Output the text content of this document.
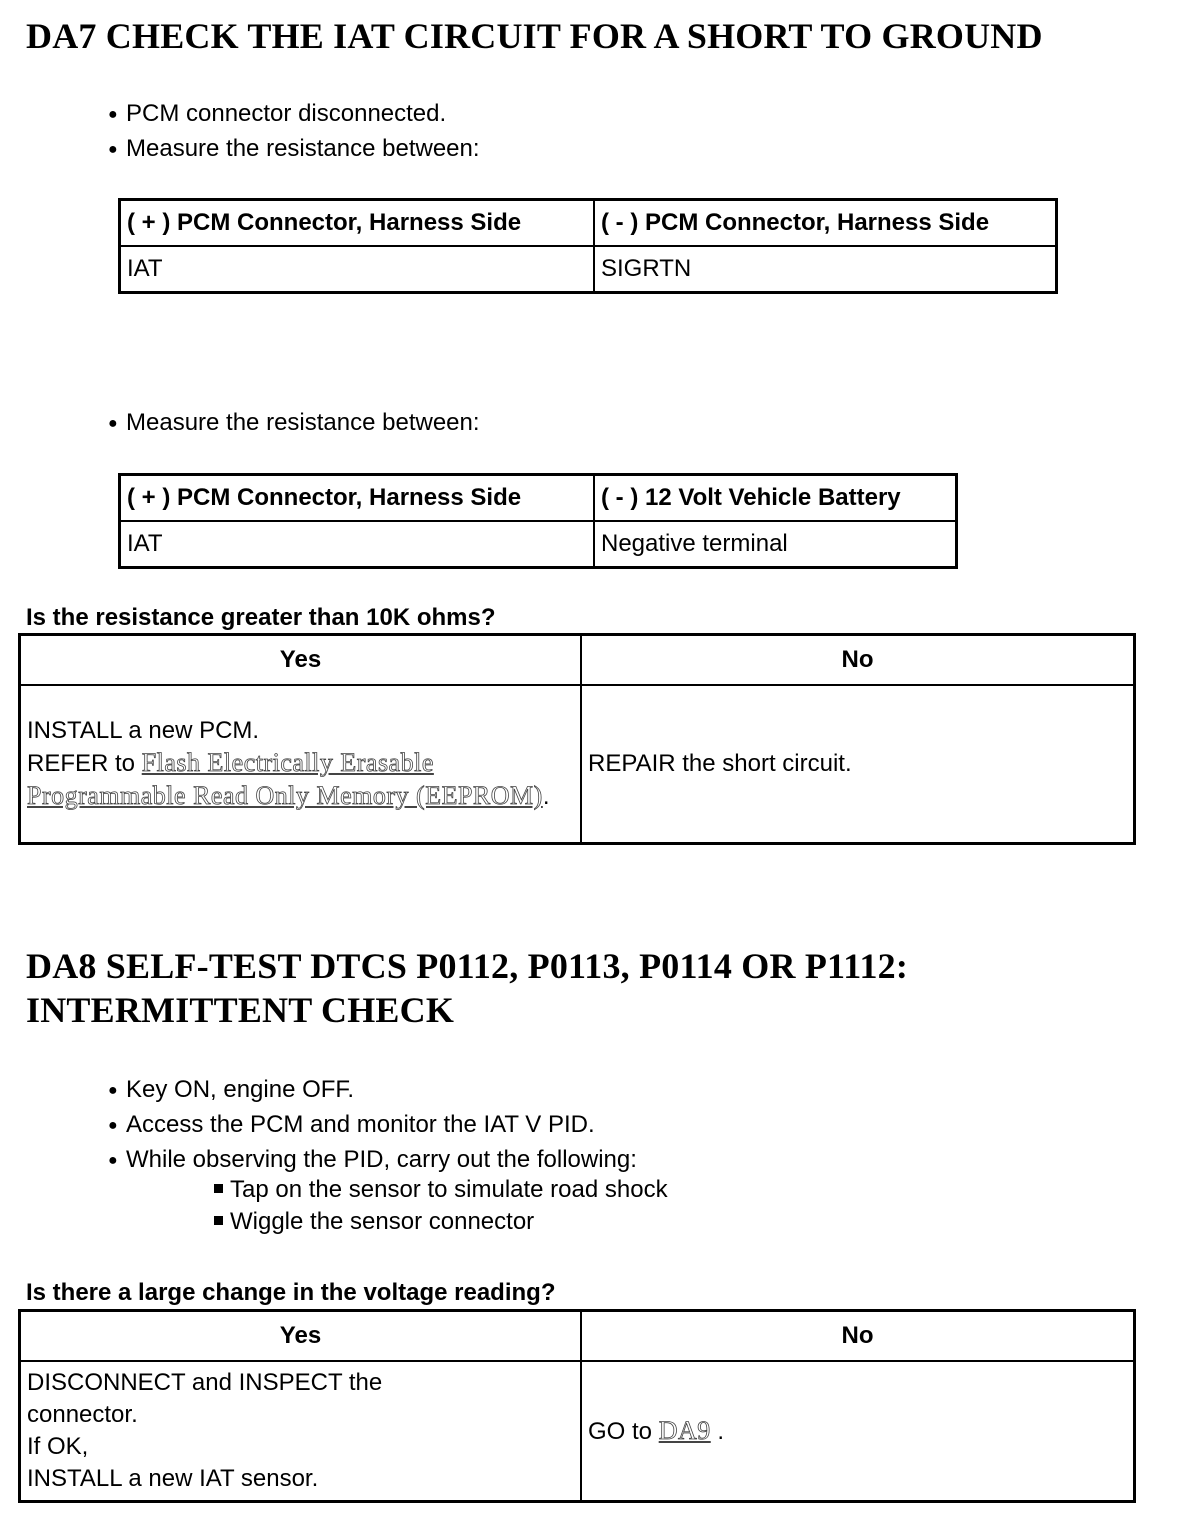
DA7 CHECK THE IAT CIRCUIT FOR A SHORT TO GROUND
● PCM connector disconnected.
● Measure the resistance between:
( + ) PCM Connector, Harness Side	( - ) PCM Connector, Harness Side
IAT	SIGRTN
● Measure the resistance between:
( + ) PCM Connector, Harness Side	( - ) 12 Volt Vehicle Battery
IAT	Negative terminal

Is the resistance greater than 10K ohms?

Yes	No

INSTALL a new PCM.
REFER to Flash Electrically Erasable Programmable Read Only Memory (EEPROM).	REPAIR the short circuit.
DA8 SELF-TEST DTCS P0112, P0113, P0114 OR P1112:
INTERMITTENT CHECK
● Key ON, engine OFF.
● Access the PCM and monitor the IAT V PID.
● While observing the PID, carry out the following:
Tap on the sensor to simulate road shock
Wiggle the sensor connector

Is there a large change in the voltage reading?

Yes	No

DISCONNECT and INSPECT the
connector.
If OK,
INSTALL a new IAT sensor.	GO to DA9 .
